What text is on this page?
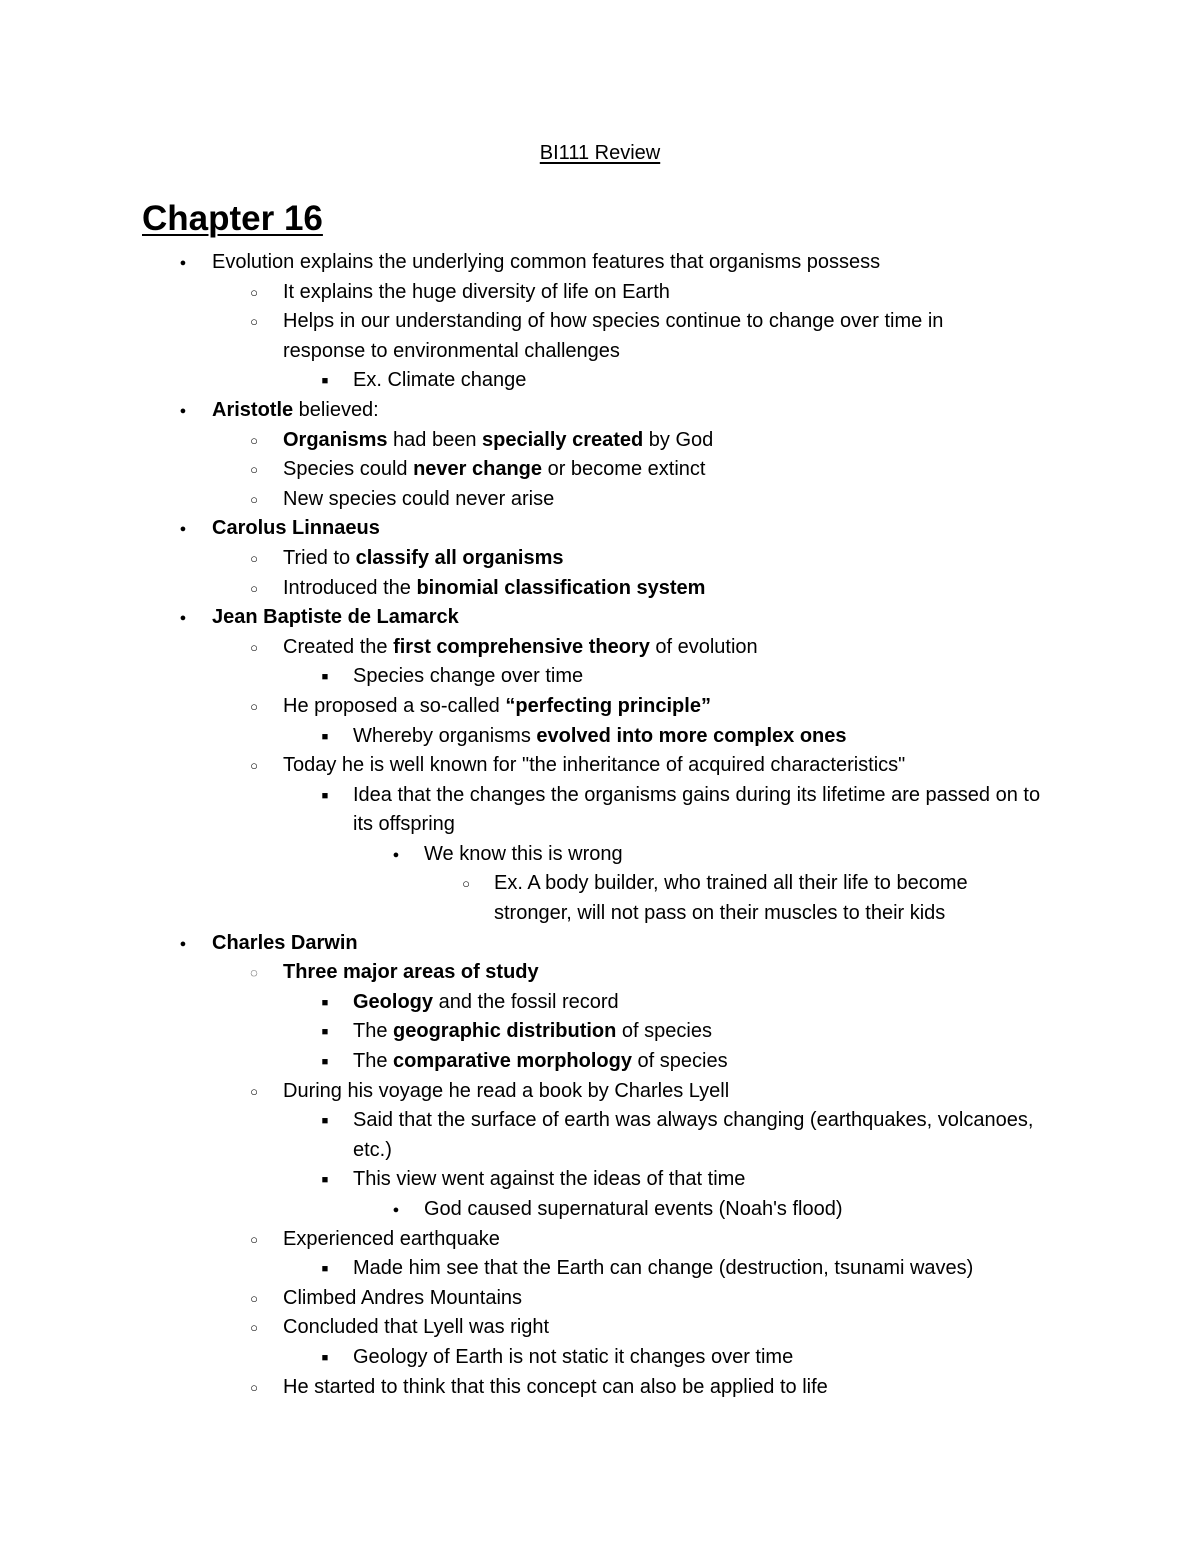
BI111 Review
Chapter 16
●
Evolution explains the underlying common features that organisms possess
○
It explains the huge diversity of life on Earth
○
Helps in our understanding of how species continue to change over time in response to environmental challenges
■
Ex. Climate change
●
Aristotle believed:
○
Organisms had been specially created by God
○
Species could never change or become extinct
○
New species could never arise
●
Carolus Linnaeus
○
Tried to classify all organisms
○
Introduced the binomial classification system
●
Jean Baptiste de Lamarck
○
Created the first comprehensive theory of evolution
■
Species change over time
○
He proposed a so-called “perfecting principle”
■
Whereby organisms evolved into more complex ones
○
Today he is well known for "the inheritance of acquired characteristics"
■
Idea that the changes the organisms gains during its lifetime are passed on to its offspring
●
We know this is wrong
○
Ex. A body builder, who trained all their life to become stronger, will not pass on their muscles to their kids
●
Charles Darwin
◌
Three major areas of study
■
Geology and the fossil record
■
The geographic distribution of species
■
The comparative morphology of species
○
During his voyage he read a book by Charles Lyell
■
Said that the surface of earth was always changing (earthquakes, volcanoes, etc.)
■
This view went against the ideas of that time
●
God caused supernatural events (Noah's flood)
○
Experienced earthquake
■
Made him see that the Earth can change (destruction, tsunami waves)
○
Climbed Andres Mountains
○
Concluded that Lyell was right
■
Geology of Earth is not static it changes over time
○
He started to think that this concept can also be applied to life
